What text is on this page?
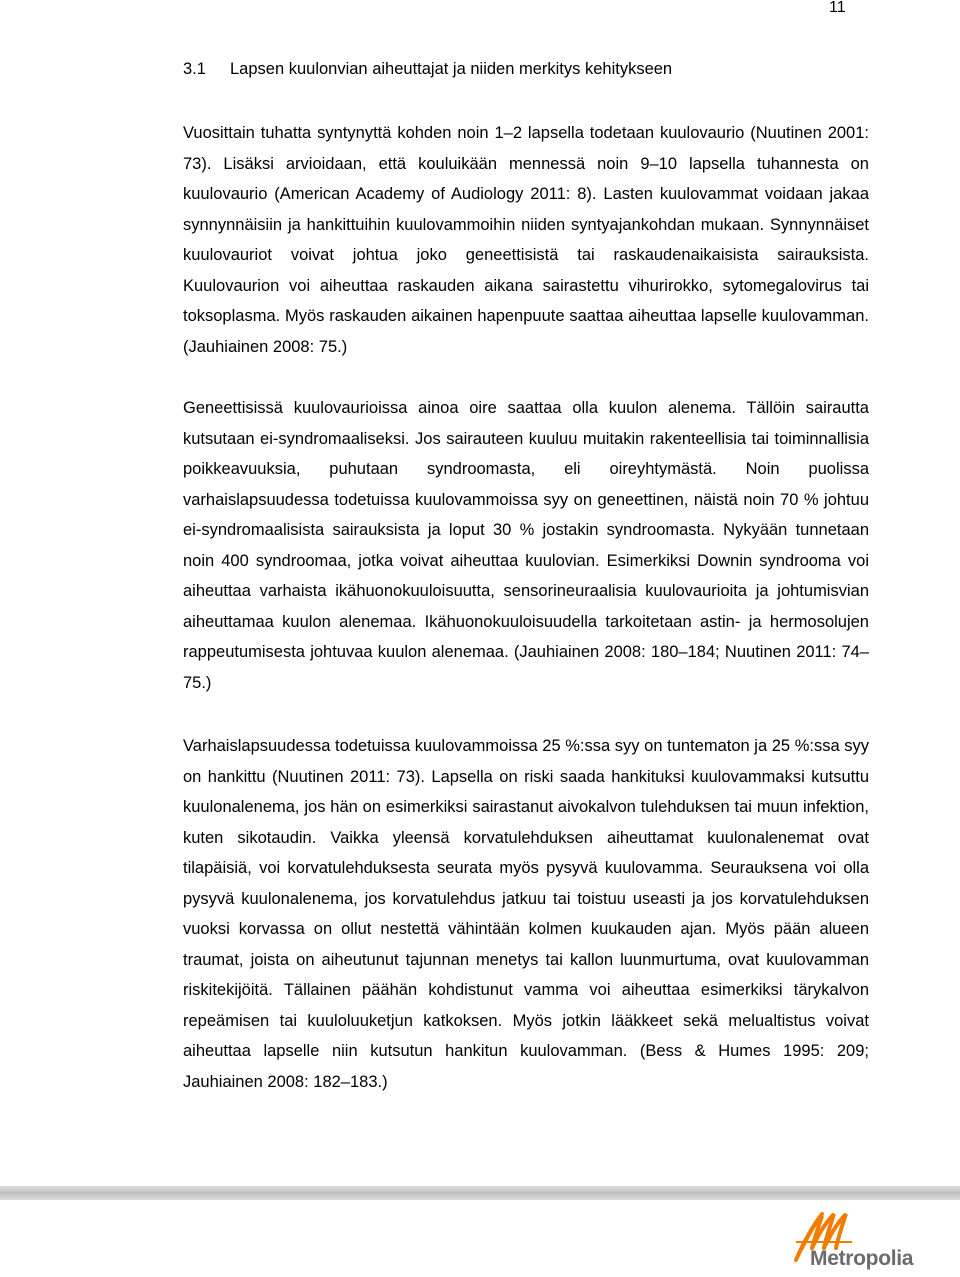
11
3.1 Lapsen kuulonvian aiheuttajat ja niiden merkitys kehitykseen

Vuosittain tuhatta syntynyttä kohden noin 1–2 lapsella todetaan kuulovaurio (Nuutinen 2001: 73). Lisäksi arvioidaan, että kouluikään mennessä noin 9–10 lapsella tuhannesta on kuulovaurio (American Academy of Audiology 2011: 8). Lasten kuulovammat voidaan jakaa synnynnäisiin ja hankittuihin kuulovammoihin niiden syntyajankohdan mukaan. Synnynnäiset kuulovauriot voivat johtua joko geneettisistä tai raskaudenaikaisista sairauksista. Kuulovaurion voi aiheuttaa raskauden aikana sairastettu vihurirokko, sytomegalovirus tai toksoplasma. Myös raskauden aikainen hapenpuute saattaa aiheuttaa lapselle kuulovamman. (Jauhiainen 2008: 75.)

Geneettisissä kuulovaurioissa ainoa oire saattaa olla kuulon alenema. Tällöin sairautta kutsutaan ei-syndromaaliseksi. Jos sairauteen kuuluu muitakin rakenteellisia tai toiminnallisia poikkeavuuksia, puhutaan syndroomasta, eli oireyhtymästä. Noin puolissa varhaislapsuudessa todetuissa kuulovammoissa syy on geneettinen, näistä noin 70 % johtuu ei-syndromaalisista sairauksista ja loput 30 % jostakin syndroomasta. Nykyään tunnetaan noin 400 syndroomaa, jotka voivat aiheuttaa kuulovian. Esimerkiksi Downin syndrooma voi aiheuttaa varhaista ikähuonokuuloisuutta, sensorineuraalisia kuulovaurioita ja johtumisvian aiheuttamaa kuulon alenemaa. Ikähuonokuuloisuudella tarkoitetaan astin- ja hermosolujen rappeutumisesta johtuvaa kuulon alenemaa. (Jauhiainen 2008: 180–184; Nuutinen 2011: 74–75.)

Varhaislapsuudessa todetuissa kuulovammoissa 25 %:ssa syy on tuntematon ja 25 %:ssa syy on hankittu (Nuutinen 2011: 73). Lapsella on riski saada hankituksi kuulovammaksi kutsuttu kuulonalenema, jos hän on esimerkiksi sairastanut aivokalvon tulehduksen tai muun infektion, kuten sikotaudin. Vaikka yleensä korvatulehduksen aiheuttamat kuulonalenemat ovat tilapäisiä, voi korvatulehduksesta seurata myös pysyvä kuulovamma. Seurauksena voi olla pysyvä kuulonalenema, jos korvatulehdus jatkuu tai toistuu useasti ja jos korvatulehduksen vuoksi korvassa on ollut nestettä vähintään kolmen kuukauden ajan. Myös pään alueen traumat, joista on aiheutunut tajunnan menetys tai kallon luunmurtuma, ovat kuulovamman riskitekijöitä. Tällainen päähän kohdistunut vamma voi aiheuttaa esimerkiksi tärykalvon repeämisen tai kuuloluuketjun katkoksen. Myös jotkin lääkkeet sekä melualtistus voivat aiheuttaa lapselle niin kutsutun hankitun kuulovamman. (Bess & Humes 1995: 209; Jauhiainen 2008: 182–183.)

Metropolia
